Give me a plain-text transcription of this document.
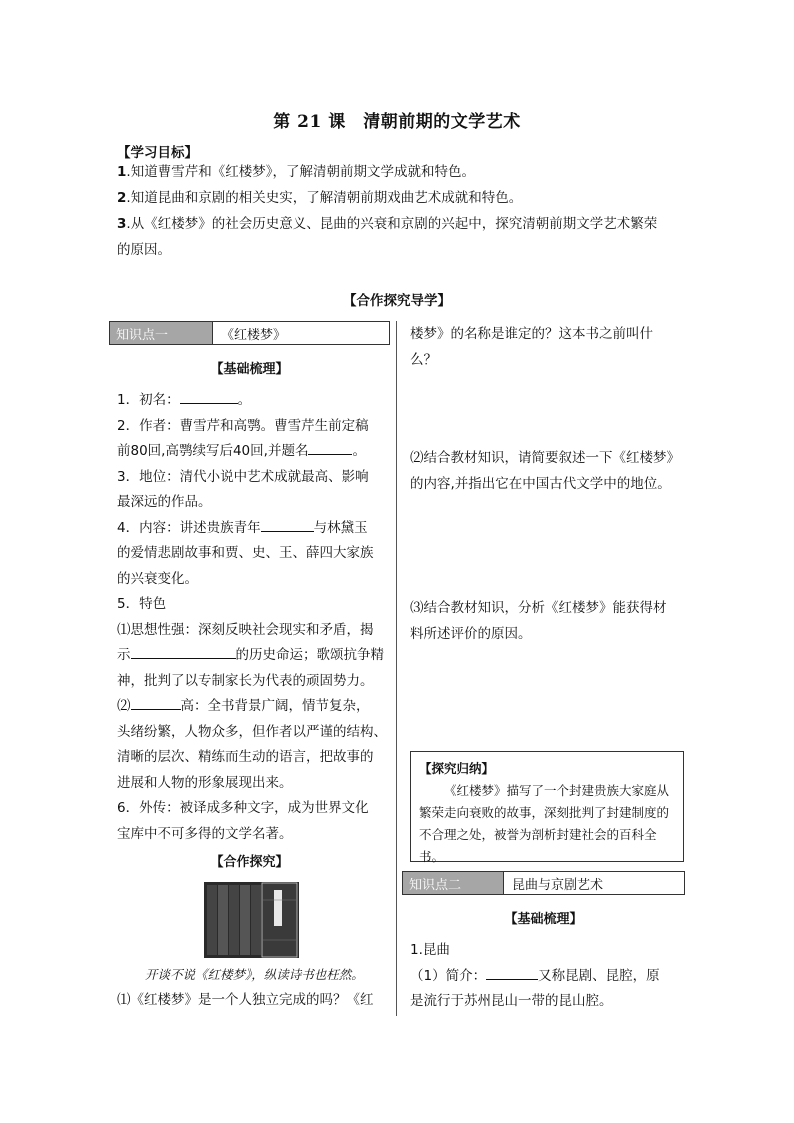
第 21 课　清朝前期的文学艺术
【学习目标】
1.知道曹雪芹和《红楼梦》，了解清朝前期文学成就和特色。
2.知道昆曲和京剧的相关史实，了解清朝前期戏曲艺术成就和特色。
3.从《红楼梦》的社会历史意义、昆曲的兴衰和京剧的兴起中，探究清朝前期文学艺术繁荣
的原因。
【合作探究导学】
知识点一	《红楼梦》
【基础梳理】

1．初名：	。

2．作者：曹雪芹和高鹗。曹雪芹生前定稿

前80回,高鹗续写后40回,并题名	。

3．地位：清代小说中艺术成就最高、影响

最深远的作品。

4．内容：讲述贵族青年	与林黛玉

的爱情悲剧故事和贾、史、王、薛四大家族

的兴衰变化。

5．特色

⑴思想性强：深刻反映社会现实和矛盾，揭

示	的历史命运；歌颂抗争精

神，批判了以专制家长为代表的顽固势力。

⑵	高：全书背景广阔，情节复杂，

头绪纷繁，人物众多，但作者以严谨的结构、

清晰的层次、精练而生动的语言，把故事的

进展和人物的形象展现出来。

6．外传：被译成多种文字，成为世界文化

宝库中不可多得的文学名著。

【合作探究】
开谈不说《红楼梦》，纵读诗书也枉然。
⑴《红楼梦》是一个人独立完成的吗？《红

楼梦》的名称是谁定的？这本书之前叫什

么？

⑵结合教材知识，请简要叙述一下《红楼梦》

的内容,并指出它在中国古代文学中的地位。

⑶结合教材知识，分析《红楼梦》能获得材

料所述评价的原因。

【探究归纳】
《红楼梦》描写了一个封建贵族大家庭从繁荣走向衰败的故事，深刻批判了封建制度的不合理之处，被誉为剖析封建社会的百科全书。
知识点二	昆曲与京剧艺术
【基础梳理】

1.昆曲

（1）简介：	又称昆剧、昆腔，原

是流行于苏州昆山一带的昆山腔。
